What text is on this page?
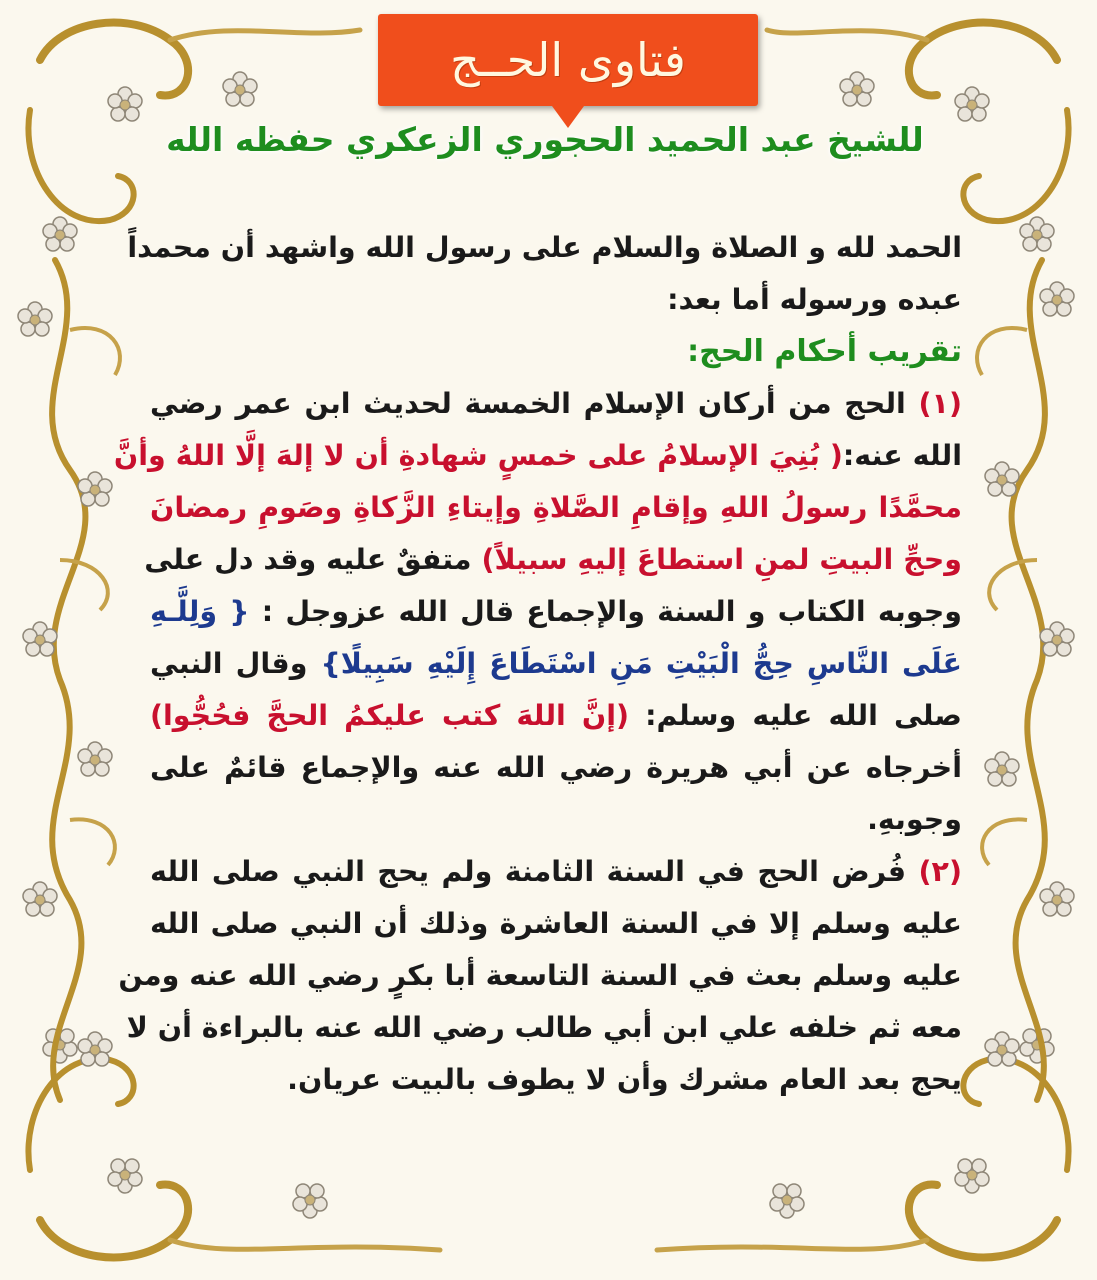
فتاوى الحــج
للشيخ عبد الحميد الحجوري الزعكري حفظه الله
الحمد لله و الصلاة والسلام على رسول الله واشهد أن محمداً
عبده ورسوله أما بعد:
تقريب أحكام الحج:
(١) الحج من أركان الإسلام الخمسة لحديث ابن عمر رضي
الله عنه:( بُنِيَ الإسلامُ على خمسٍ شهادةِ أن لا إلهَ إلَّا اللهُ وأنَّ
محمَّدًا رسولُ اللهِ وإقامِ الصَّلاةِ وإيتاءِ الزَّكاةِ وصَومِ رمضانَ
وحجِّ البيتِ لمنِ استطاعَ إليهِ سبيلاً) متفقٌ عليه وقد دل على
وجوبه الكتاب و السنة والإجماع قال الله عزوجل : { وَلِلَّـهِ
عَلَى النَّاسِ حِجُّ الْبَيْتِ مَنِ اسْتَطَاعَ إِلَيْهِ سَبِيلًا} وقال النبي
صلى الله عليه وسلم: (إنَّ اللهَ كتب عليكمُ الحجَّ فحُجُّوا)
أخرجاه عن أبي هريرة رضي الله عنه والإجماع قائمٌ على
وجوبهِ.
(٢) فُرض الحج في السنة الثامنة ولم يحج النبي صلى الله
عليه وسلم إلا في السنة العاشرة وذلك أن النبي صلى الله
عليه وسلم بعث في السنة التاسعة أبا بكرٍ رضي الله عنه ومن
معه ثم خلفه علي ابن أبي طالب رضي الله عنه بالبراءة أن لا
يحج بعد العام مشرك وأن لا يطوف بالبيت عريان.
